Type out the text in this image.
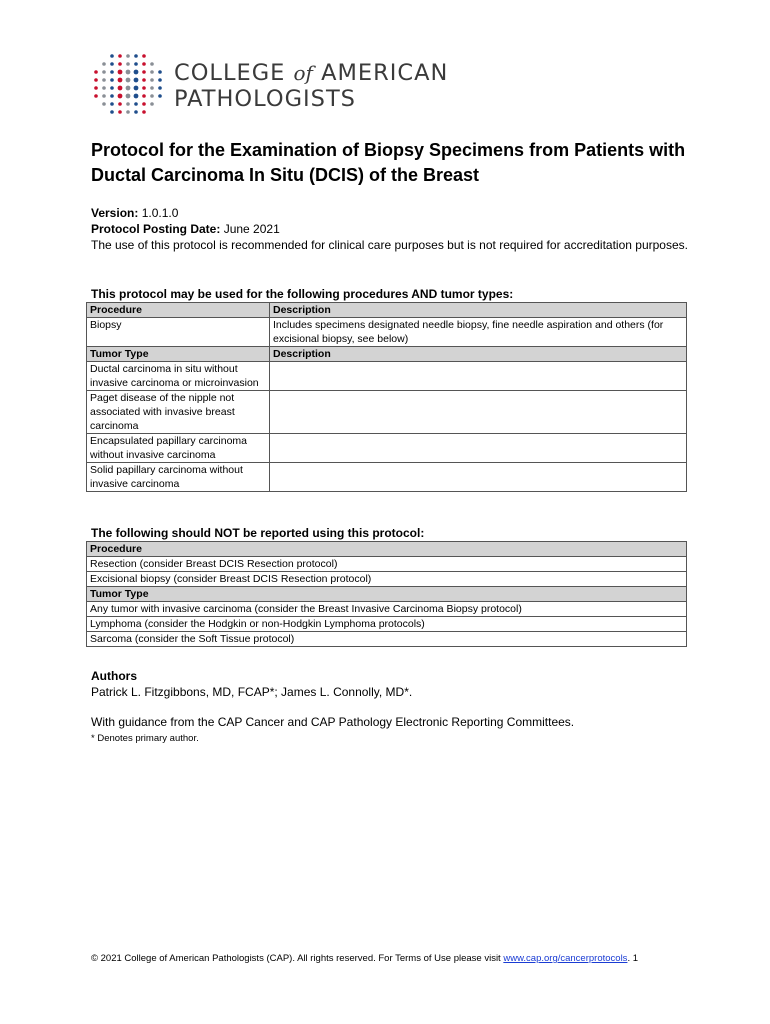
COLLEGE of AMERICAN
PATHOLOGISTS
Protocol for the Examination of Biopsy Specimens from Patients with Ductal Carcinoma In Situ (DCIS) of the Breast
Version: 1.0.1.0
Protocol Posting Date: June 2021
The use of this protocol is recommended for clinical care purposes but is not required for accreditation purposes.
This protocol may be used for the following procedures AND tumor types:
Procedure	Description
Biopsy	Includes specimens designated needle biopsy, fine needle aspiration and others (for excisional biopsy, see below)
Tumor Type	Description
Ductal carcinoma in situ without invasive carcinoma or microinvasion	
Paget disease of the nipple not associated with invasive breast carcinoma	
Encapsulated papillary carcinoma without invasive carcinoma	
Solid papillary carcinoma without invasive carcinoma	
The following should NOT be reported using this protocol:
Procedure
Resection (consider Breast DCIS Resection protocol)
Excisional biopsy (consider Breast DCIS Resection protocol)
Tumor Type
Any tumor with invasive carcinoma (consider the Breast Invasive Carcinoma Biopsy protocol)
Lymphoma (consider the Hodgkin or non-Hodgkin Lymphoma protocols)
Sarcoma (consider the Soft Tissue protocol)
Authors
Patrick L. Fitzgibbons, MD, FCAP*; James L. Connolly, MD*.
With guidance from the CAP Cancer and CAP Pathology Electronic Reporting Committees.
* Denotes primary author.
© 2021 College of American Pathologists (CAP). All rights reserved. For Terms of Use please visit www.cap.org/cancerprotocols. 1
